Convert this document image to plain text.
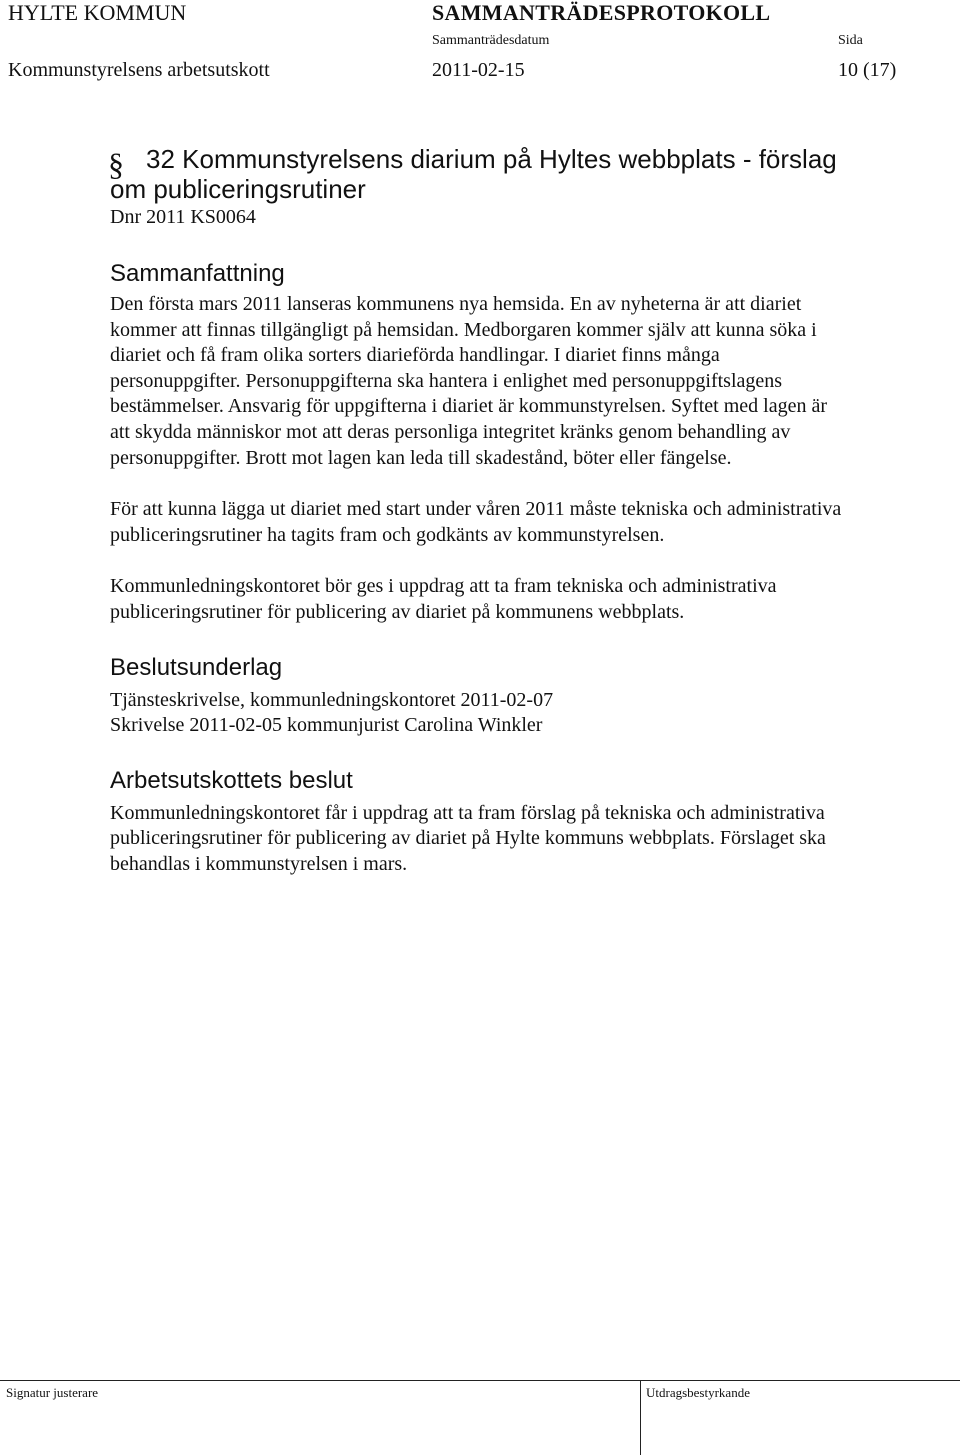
HYLTE KOMMUN	SAMMANTRÄDESPROTOKOLL
Sammanträdesdatum	Sida
Kommunstyrelsens arbetsutskott	2011-02-15	10 (17)
§ 32 Kommunstyrelsens diarium på Hyltes webbplats - förslag
om publiceringsrutiner

Dnr 2011 KS0064

Sammanfattning
Den första mars 2011 lanseras kommunens nya hemsida. En av nyheterna är att diariet
kommer att finnas tillgängligt på hemsidan. Medborgaren kommer själv att kunna söka i
diariet och få fram olika sorters diarieförda handlingar. I diariet finns många
personuppgifter. Personuppgifterna ska hantera i enlighet med personuppgiftslagens
bestämmelser. Ansvarig för uppgifterna i diariet är kommunstyrelsen. Syftet med lagen är
att skydda människor mot att deras personliga integritet kränks genom behandling av
personuppgifter. Brott mot lagen kan leda till skadestånd, böter eller fängelse.
För att kunna lägga ut diariet med start under våren 2011 måste tekniska och administrativa
publiceringsrutiner ha tagits fram och godkänts av kommunstyrelsen.
Kommunledningskontoret bör ges i uppdrag att ta fram tekniska och administrativa
publiceringsrutiner för publicering av diariet på kommunens webbplats.
Beslutsunderlag
Tjänsteskrivelse, kommunledningskontoret 2011-02-07
Skrivelse 2011-02-05 kommunjurist Carolina Winkler
Arbetsutskottets beslut
Kommunledningskontoret får i uppdrag att ta fram förslag på tekniska och administrativa
publiceringsrutiner för publicering av diariet på Hylte kommuns webbplats. Förslaget ska
behandlas i kommunstyrelsen i mars.
Signatur justerare	Utdragsbestyrkande
